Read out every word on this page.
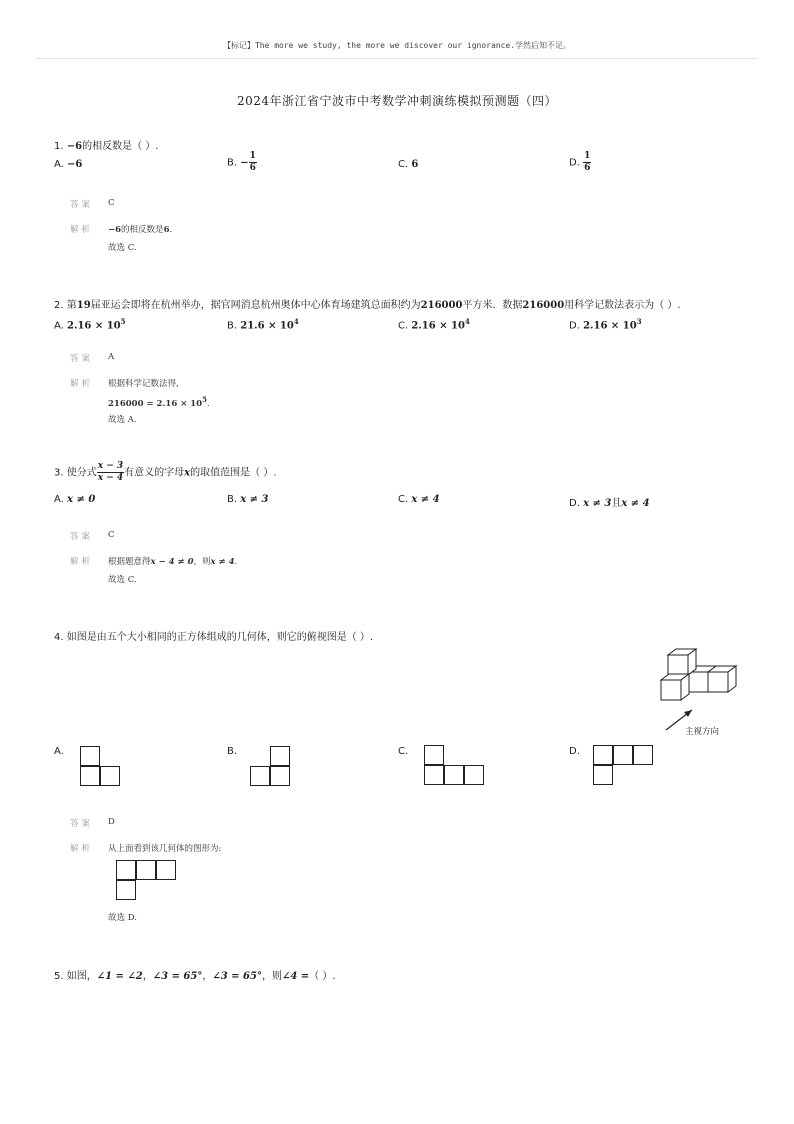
【标记】The more we study, the more we discover our ignorance.学然后知不足。
2024年浙江省宁波市中考数学冲刺演练模拟预测题（四）
1. −6的相反数是（ ）.
A. −6	B. − $\frac{1}{6}$	C. 6	D. $\frac{1}{6}$
答案 C
解析 −6的相反数是6.
故选 C.
2. 第19届亚运会即将在杭州举办，据官网消息杭州奥体中心体育场建筑总面积约为216000平方米．数据216000用科学记数法表示为（ ）.
A. $2.16 \times 10^5$	B. $21.6 \times 10^4$	C. $2.16 \times 10^4$	D. $2.16 \times 10^3$
答案 A
解析 根据科学记数法得,
$216000 = 2.16 \times 10^5$.
故选 A.
3. 使分式 $\frac{x - 3}{x - 4}$ 有意义的字母x的取值范围是（ ）.
A. x ≠ 0	B. x ≠ 3	C. x ≠ 4	D. x ≠ 3且x ≠ 4
答案 C
解析 根据题意得x − 4 ≠ 0，则x ≠ 4.
故选 C.
4. 如图是由五个大小相同的正方体组成的几何体，则它的俯视图是（ ）.
主视方向
A.	B.	C.	D.
答案 D
解析 从上面看到该几何体的图形为:
故选 D.
5. 如图，∠1 = ∠2，∠3 = 65°，∠3 = 65°，则∠4 =（ ）.
